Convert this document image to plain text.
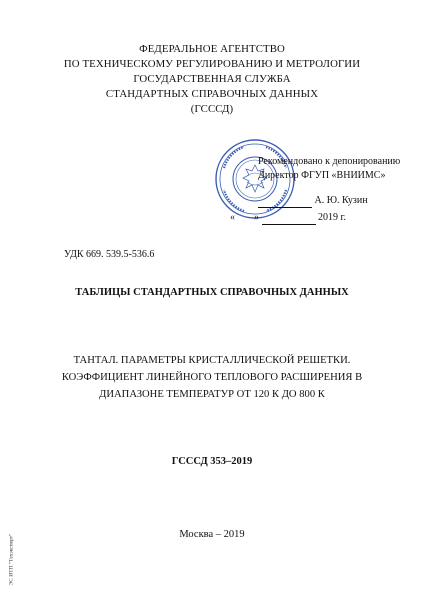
ФЕДЕРАЛЬНОЕ АГЕНТСТВО
ПО ТЕХНИЧЕСКОМУ РЕГУЛИРОВАНИЮ И МЕТРОЛОГИИ
ГОСУДАРСТВЕННАЯ СЛУЖБА
СТАНДАРТНЫХ СПРАВОЧНЫХ ДАННЫХ
(ГСССД)
Рекомендовано к депонированию
Директор ФГУП «ВНИИМС»
А. Ю. Кузин
« »	2019 г.
УДК 669. 539.5-536.6
ТАБЛИЦЫ СТАНДАРТНЫХ СПРАВОЧНЫХ ДАННЫХ
ТАНТАЛ. ПАРАМЕТРЫ КРИСТАЛЛИЧЕСКОЙ РЕШЕТКИ.
КОЭФФИЦИЕНТ ЛИНЕЙНОГО ТЕПЛОВОГО РАСШИРЕНИЯ В
ДИАПАЗОНЕ ТЕМПЕРАТУР ОТ 120 К ДО 800 К
ГСССД 353–2019
Москва – 2019
ЭС ИТП "Техэксперт"
